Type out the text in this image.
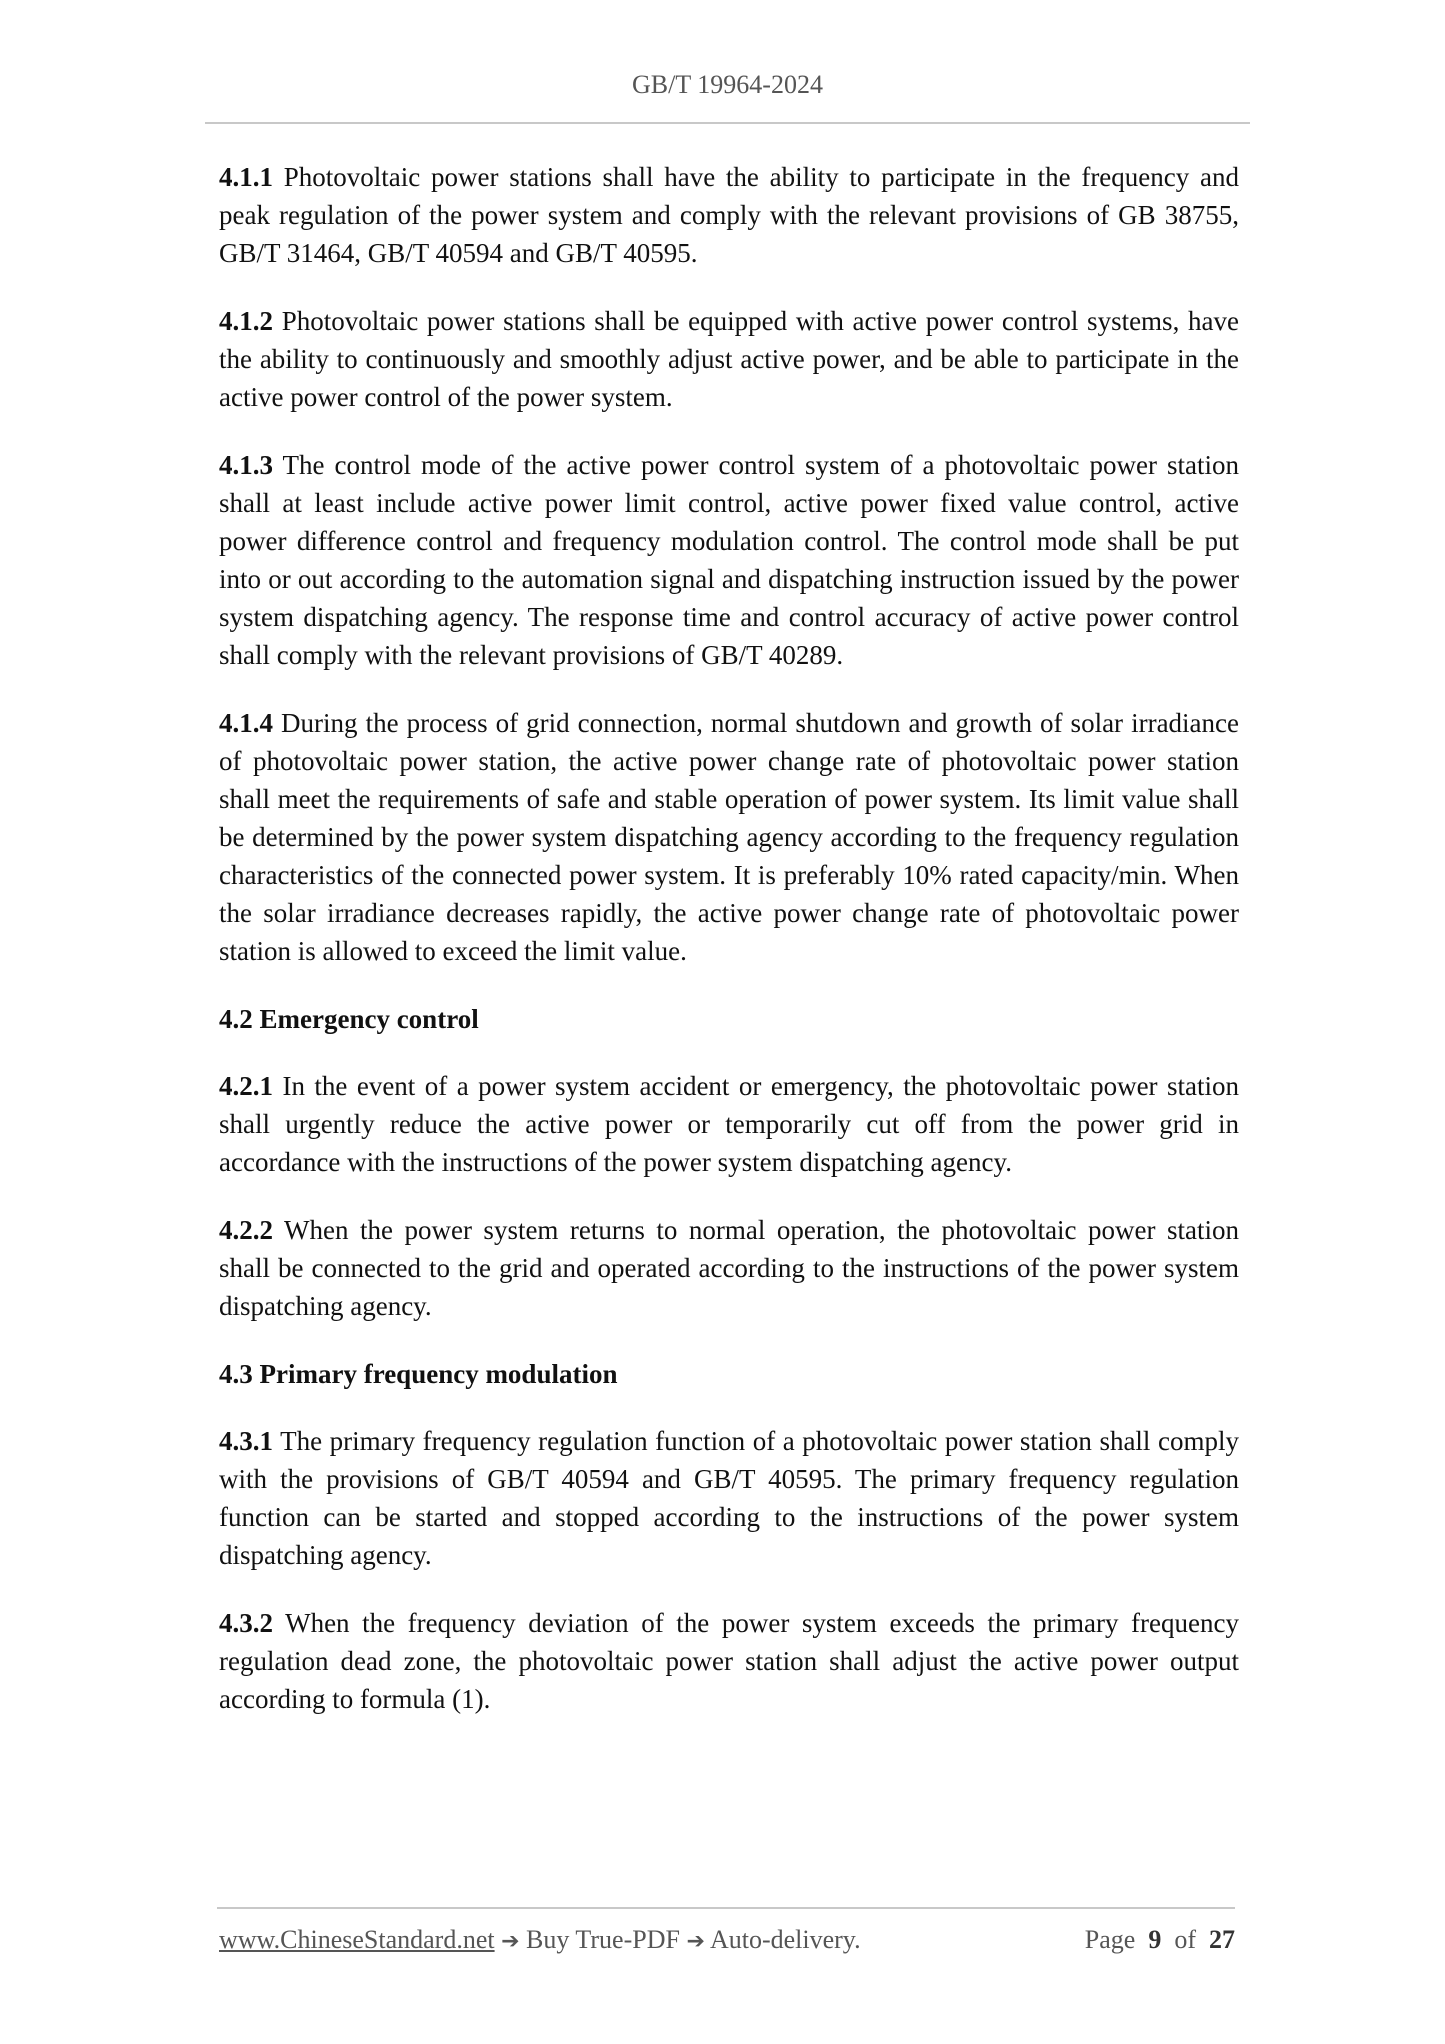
GB/T 19964-2024

4.1.1 Photovoltaic power stations shall have the ability to participate in the frequency and peak regulation of the power system and comply with the relevant provisions of GB 38755, GB/T 31464, GB/T 40594 and GB/T 40595.

4.1.2 Photovoltaic power stations shall be equipped with active power control systems, have the ability to continuously and smoothly adjust active power, and be able to participate in the active power control of the power system.

4.1.3 The control mode of the active power control system of a photovoltaic power station shall at least include active power limit control, active power fixed value control, active power difference control and frequency modulation control. The control mode shall be put into or out according to the automation signal and dispatching instruction issued by the power system dispatching agency. The response time and control accuracy of active power control shall comply with the relevant provisions of GB/T 40289.

4.1.4 During the process of grid connection, normal shutdown and growth of solar irradiance of photovoltaic power station, the active power change rate of photovoltaic power station shall meet the requirements of safe and stable operation of power system. Its limit value shall be determined by the power system dispatching agency according to the frequency regulation characteristics of the connected power system. It is preferably 10% rated capacity/min. When the solar irradiance decreases rapidly, the active power change rate of photovoltaic power station is allowed to exceed the limit value.

4.2 Emergency control

4.2.1 In the event of a power system accident or emergency, the photovoltaic power station shall urgently reduce the active power or temporarily cut off from the power grid in accordance with the instructions of the power system dispatching agency.

4.2.2 When the power system returns to normal operation, the photovoltaic power station shall be connected to the grid and operated according to the instructions of the power system dispatching agency.

4.3 Primary frequency modulation

4.3.1 The primary frequency regulation function of a photovoltaic power station shall comply with the provisions of GB/T 40594 and GB/T 40595. The primary frequency regulation function can be started and stopped according to the instructions of the power system dispatching agency.

4.3.2 When the frequency deviation of the power system exceeds the primary frequency regulation dead zone, the photovoltaic power station shall adjust the active power output according to formula (1).

www.ChineseStandard.net ➔ Buy True-PDF ➔ Auto-delivery.	Page 9 of 27
